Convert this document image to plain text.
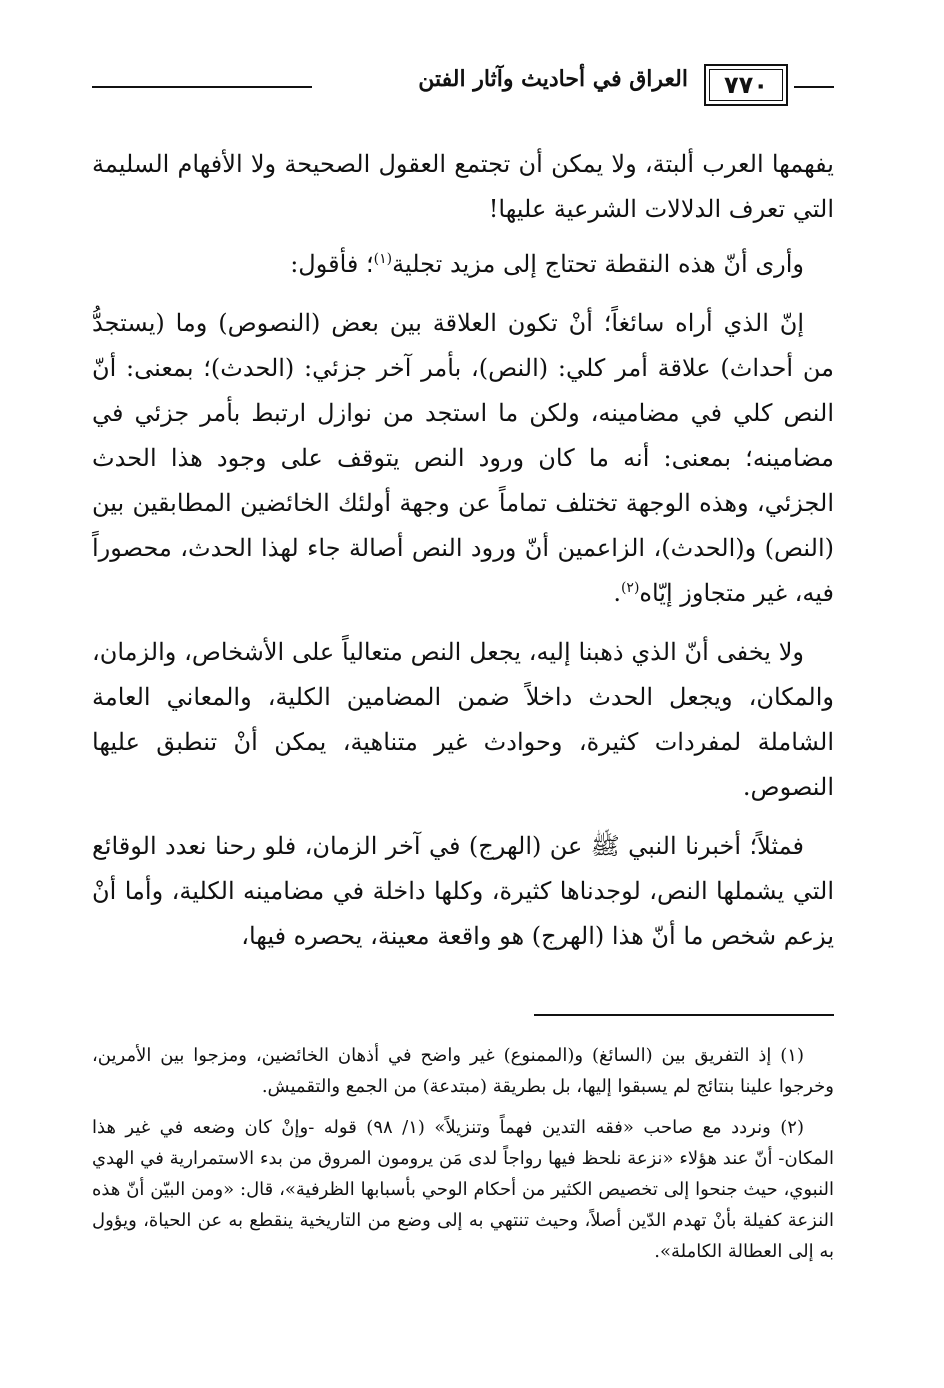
٧٧٠
العراق في أحاديث وآثار الفتن

يفهمها العرب ألبتة، ولا يمكن أن تجتمع العقول الصحيحة ولا الأفهام السليمة التي تعرف الدلالات الشرعية عليها!

وأرى أنّ هذه النقطة تحتاج إلى مزيد تجلية$^{(١)}$؛ فأقول:

إنّ الذي أراه سائغاً؛ أنْ تكون العلاقة بين بعض (النصوص) وما (يستجدُّ من أحداث) علاقة أمر كلي: (النص)، بأمر آخر جزئي: (الحدث)؛ بمعنى: أنّ النص كلي في مضامينه، ولكن ما استجد من نوازل ارتبط بأمر جزئي في مضامينه؛ بمعنى: أنه ما كان ورود النص يتوقف على وجود هذا الحدث الجزئي، وهذه الوجهة تختلف تماماً عن وجهة أولئك الخائضين المطابقين بين (النص) و(الحدث)، الزاعمين أنّ ورود النص أصالة جاء لهذا الحدث، محصوراً فيه، غير متجاوز إيّاه$^{(٢)}$.

ولا يخفى أنّ الذي ذهبنا إليه، يجعل النص متعالياً على الأشخاص، والزمان، والمكان، ويجعل الحدث داخلاً ضمن المضامين الكلية، والمعاني العامة الشاملة لمفردات كثيرة، وحوادث غير متناهية، يمكن أنْ تنطبق عليها النصوص.

فمثلاً؛ أخبرنا النبي ﷺ عن (الهرج) في آخر الزمان، فلو رحنا نعدد الوقائع التي يشملها النص، لوجدناها كثيرة، وكلها داخلة في مضامينه الكلية، وأما أنْ يزعم شخص ما أنّ هذا (الهرج) هو واقعة معينة، يحصره فيها،

(١) إذ التفريق بين (السائغ) و(الممنوع) غير واضح في أذهان الخائضين، ومزجوا بين الأمرين، وخرجوا علينا بنتائج لم يسبقوا إليها، بل بطريقة (مبتدعة) من الجمع والتقميش.

(٢) ونردد مع صاحب «فقه التدين فهماً وتنزيلاً» (١/ ٩٨) قوله -وإنْ كان وضعه في غير هذا المكان- أنّ عند هؤلاء «نزعة نلحظ فيها رواجاً لدى مَن يرومون المروق من بدء الاستمرارية في الهدي النبوي، حيث جنحوا إلى تخصيص الكثير من أحكام الوحي بأسبابها الظرفية»، قال: «ومن البيّن أنّ هذه النزعة كفيلة بأنْ تهدم الدّين أصلاً، وحيث تنتهي به إلى وضع من التاريخية ينقطع به عن الحياة، ويؤول به إلى العطالة الكاملة».
